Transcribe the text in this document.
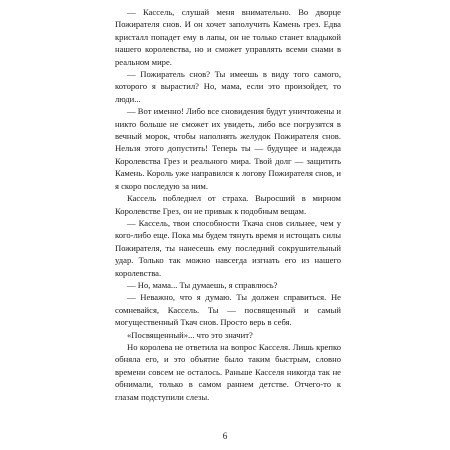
— Кассель, слушай меня внимательно. Во дворце Пожирателя снов. И он хочет заполучить Камень грез. Едва кристалл попадет ему в лапы, он не только станет владыкой нашего королевства, но и сможет управлять всеми снами в реальном мире.

— Пожиратель снов? Ты имеешь в виду того самого, которого я вырастил? Но, мама, если это произойдет, то люди...

— Вот именно! Либо все сновидения будут уничтожены и никто больше не сможет их увидеть, либо все погрузятся в вечный морок, чтобы наполнять желудок Пожирателя снов. Нельзя этого допустить! Теперь ты — будущее и надежда Королевства Грез и реального мира. Твой долг — защитить Камень. Король уже направился к логову Пожирателя снов, и я скоро последую за ним.

Кассель побледнел от страха. Выросший в мирном Королевстве Грез, он не привык к подобным вещам.

— Кассель, твои способности Ткача снов сильнее, чем у кого-либо еще. Пока мы будем тянуть время и истощать силы Пожирателя, ты нанесешь ему последний сокрушительный удар. Только так можно навсегда изгнать его из нашего королевства.

— Но, мама... Ты думаешь, я справлюсь?

— Неважно, что я думаю. Ты должен справиться. Не сомневайся, Кассель. Ты — посвященный и самый могущественный Ткач снов. Просто верь в себя.

«Посвященный»... что это значит?

Но королева не ответила на вопрос Касселя. Лишь крепко обняла его, и это объятие было таким быстрым, словно времени совсем не осталось. Раньше Касселя никогда так не обнимали, только в самом раннем детстве. Отчего-то к глазам подступили слезы.

6
